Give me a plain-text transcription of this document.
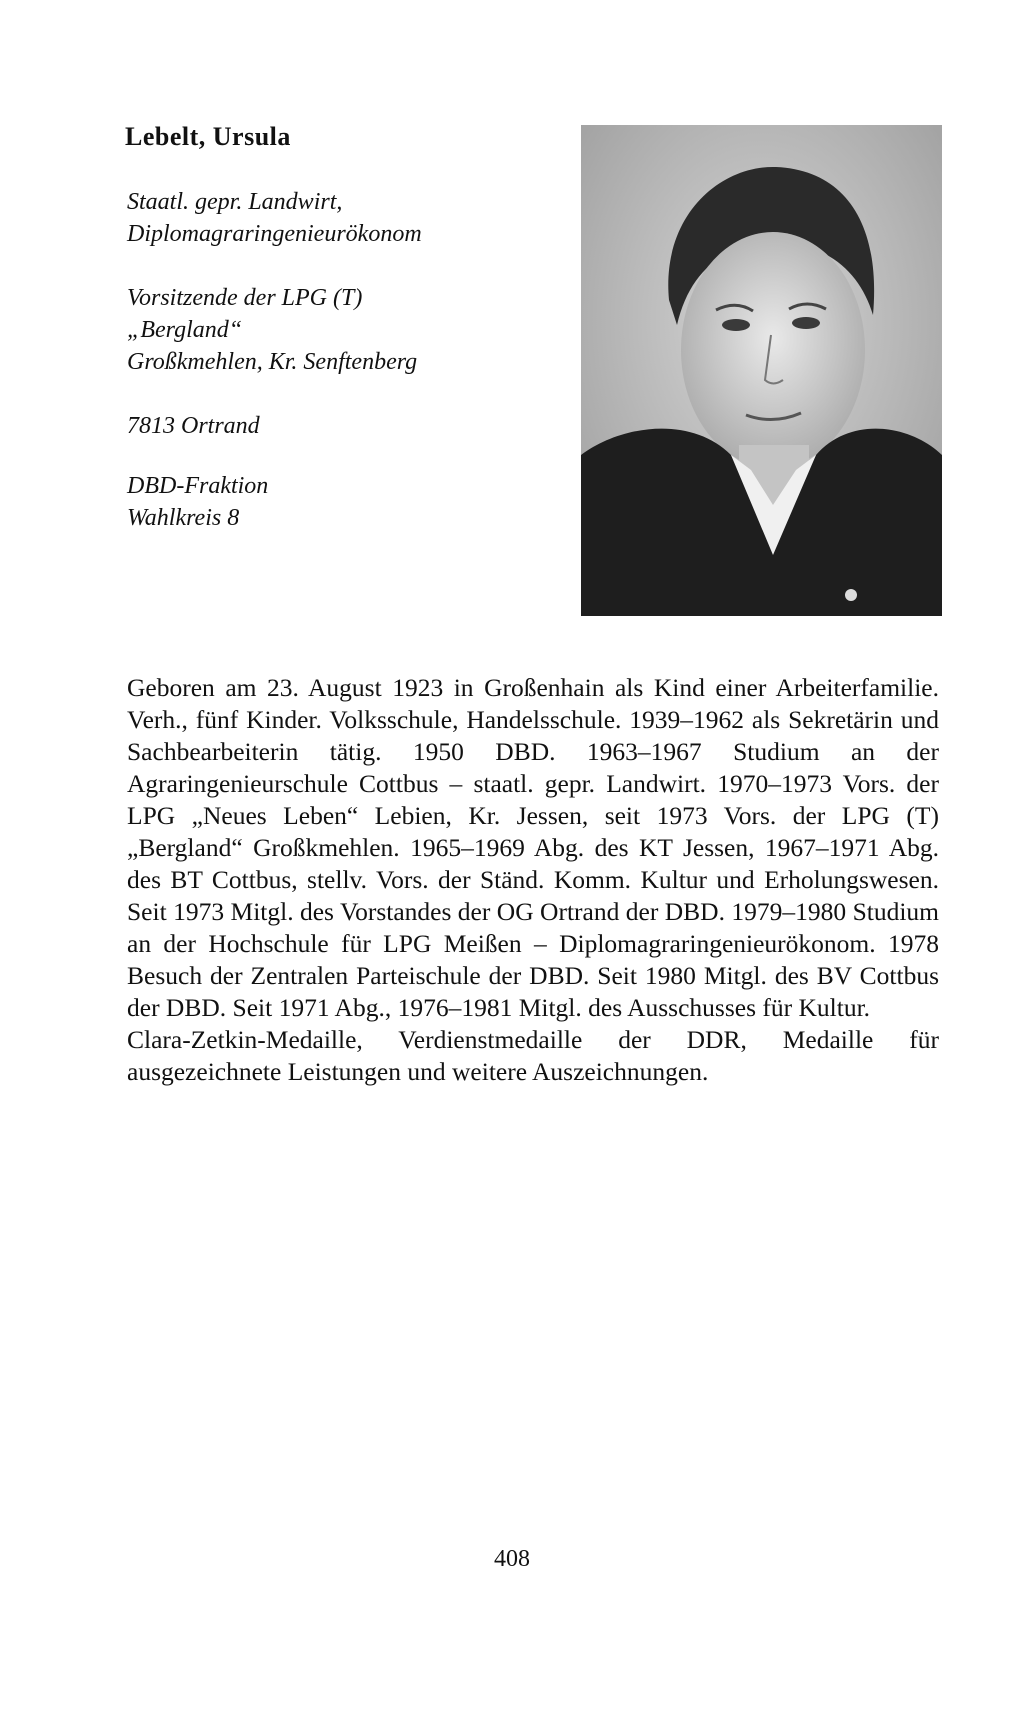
Lebelt, Ursula
Staatl. gepr. Landwirt,
Diplomagraringenieurökonom
Vorsitzende der LPG (T)
„Bergland“
Großkmehlen, Kr. Senftenberg
7813 Ortrand
DBD-Fraktion
Wahlkreis 8

Geboren am 23. August 1923 in Großenhain als Kind einer Arbeiterfamilie. Verh., fünf Kinder. Volksschule, Handelsschule. 1939–1962 als Sekretärin und Sachbearbeiterin tätig. 1950 DBD. 1963–1967 Studium an der Agraringenieurschule Cottbus – staatl. gepr. Landwirt. 1970–1973 Vors. der LPG „Neues Leben“ Lebien, Kr. Jessen, seit 1973 Vors. der LPG (T) „Bergland“ Großkmehlen. 1965–1969 Abg. des KT Jessen, 1967–1971 Abg. des BT Cottbus, stellv. Vors. der Ständ. Komm. Kultur und Erholungswesen. Seit 1973 Mitgl. des Vorstandes der OG Ortrand der DBD. 1979–1980 Studium an der Hochschule für LPG Meißen – Diplomagraringenieurökonom. 1978 Besuch der Zentralen Parteischule der DBD. Seit 1980 Mitgl. des BV Cottbus der DBD. Seit 1971 Abg., 1976–1981 Mitgl. des Ausschusses für Kultur.

Clara-Zetkin-Medaille, Verdienstmedaille der DDR, Medaille für ausgezeichnete Leistungen und weitere Auszeichnungen.

408
